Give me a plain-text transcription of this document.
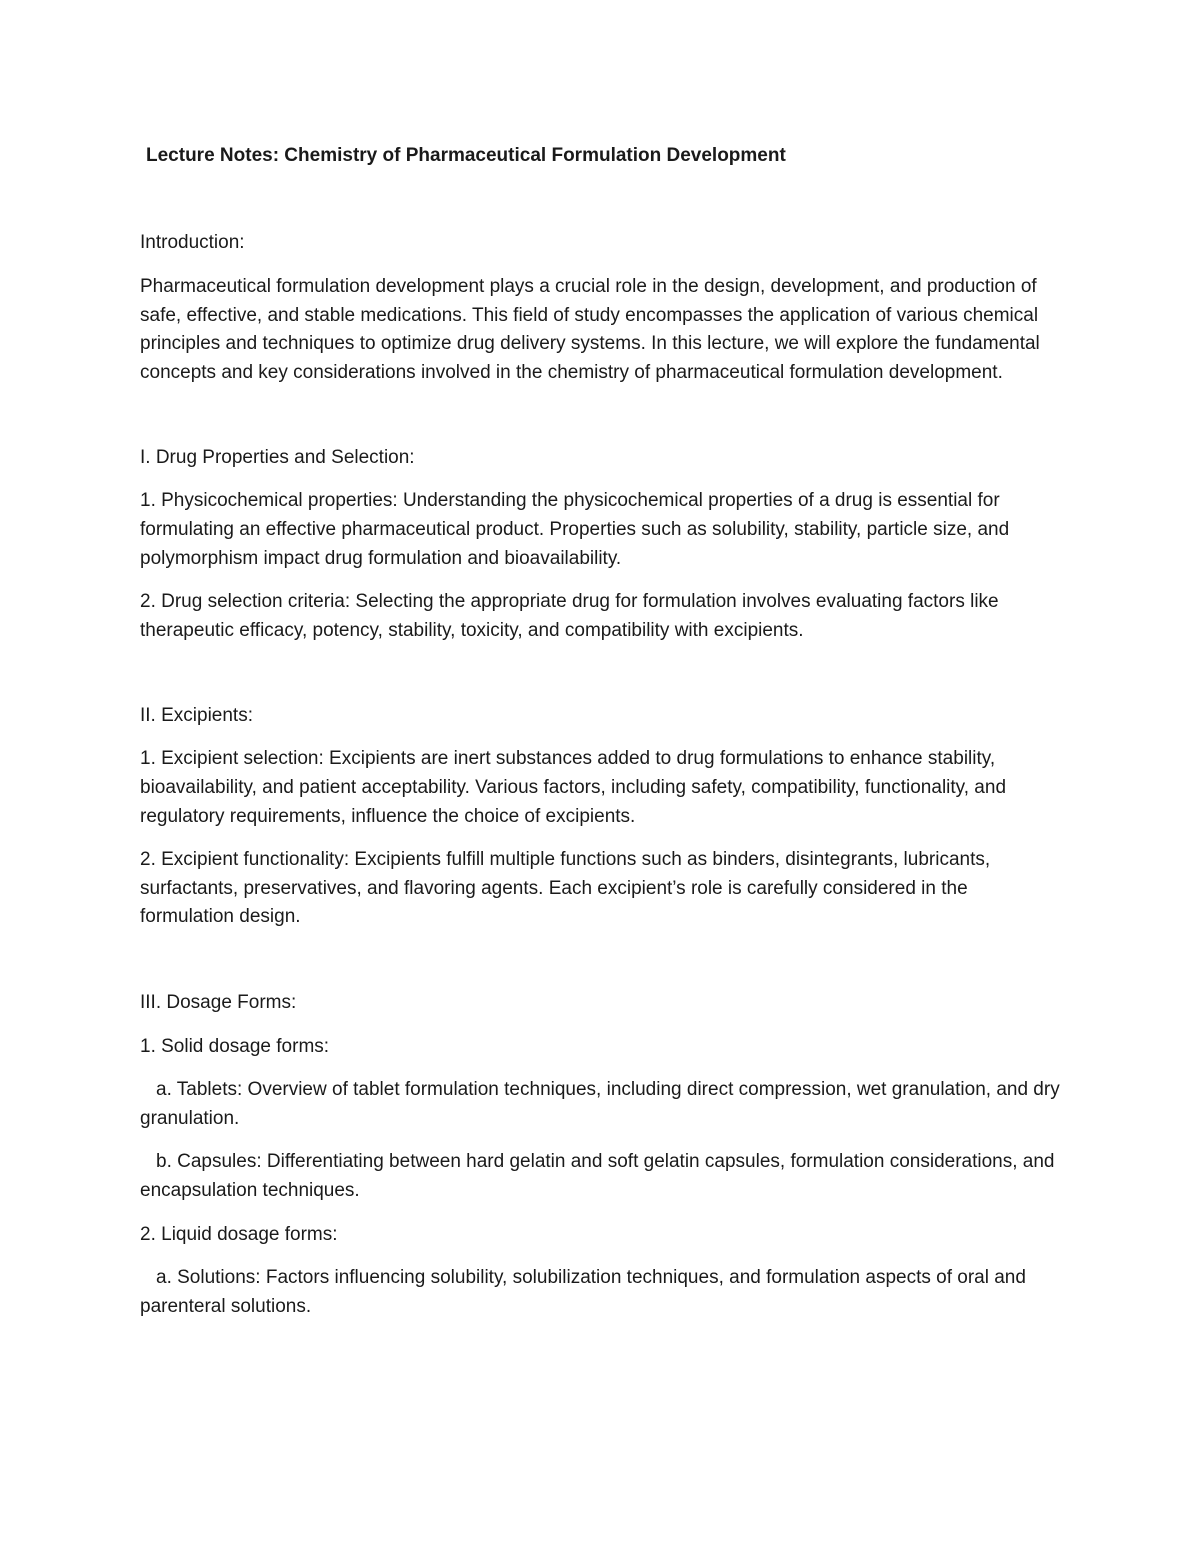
Lecture Notes: Chemistry of Pharmaceutical Formulation Development

Introduction:

Pharmaceutical formulation development plays a crucial role in the design, development, and production of safe, effective, and stable medications. This field of study encompasses the application of various chemical principles and techniques to optimize drug delivery systems. In this lecture, we will explore the fundamental concepts and key considerations involved in the chemistry of pharmaceutical formulation development.

I. Drug Properties and Selection:

1. Physicochemical properties: Understanding the physicochemical properties of a drug is essential for formulating an effective pharmaceutical product. Properties such as solubility, stability, particle size, and polymorphism impact drug formulation and bioavailability.

2. Drug selection criteria: Selecting the appropriate drug for formulation involves evaluating factors like therapeutic efficacy, potency, stability, toxicity, and compatibility with excipients.

II. Excipients:

1. Excipient selection: Excipients are inert substances added to drug formulations to enhance stability, bioavailability, and patient acceptability. Various factors, including safety, compatibility, functionality, and regulatory requirements, influence the choice of excipients.

2. Excipient functionality: Excipients fulfill multiple functions such as binders, disintegrants, lubricants, surfactants, preservatives, and flavoring agents. Each excipient’s role is carefully considered in the formulation design.

III. Dosage Forms:

1. Solid dosage forms:

a. Tablets: Overview of tablet formulation techniques, including direct compression, wet granulation, and dry granulation.

b. Capsules: Differentiating between hard gelatin and soft gelatin capsules, formulation considerations, and encapsulation techniques.

2. Liquid dosage forms:

a. Solutions: Factors influencing solubility, solubilization techniques, and formulation aspects of oral and parenteral solutions.
